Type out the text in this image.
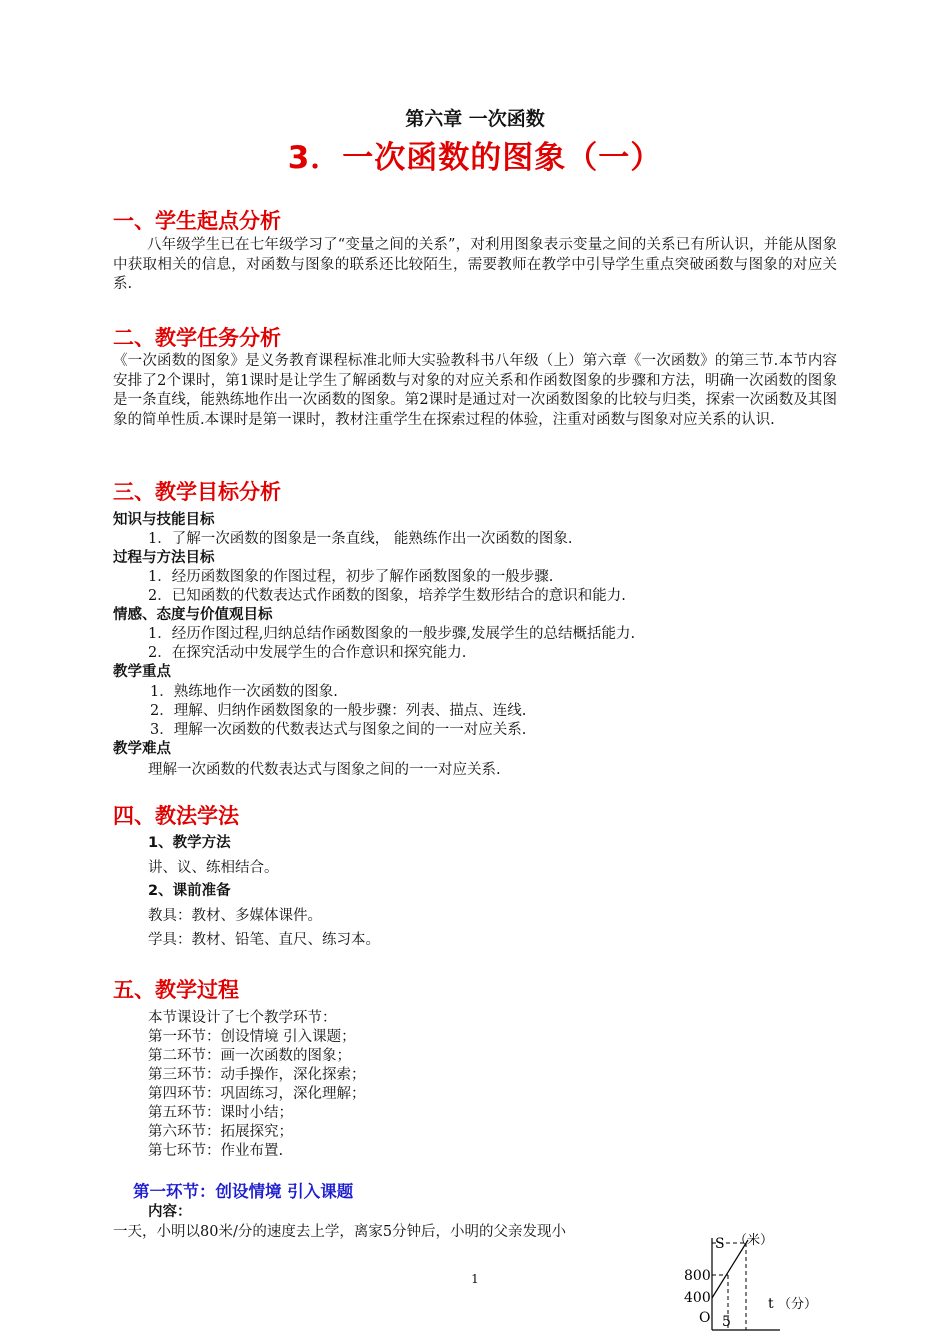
第六章 一次函数
3．一次函数的图象（一）
一、学生起点分析
八年级学生已在七年级学习了“变量之间的关系”，对利用图象表示变量之间的关系已有所认识，并能从图象中获取相关的信息，对函数与图象的联系还比较陌生，需要教师在教学中引导学生重点突破函数与图象的对应关系.
二、教学任务分析
《一次函数的图象》是义务教育课程标准北师大实验教科书八年级（上）第六章《一次函数》的第三节.本节内容安排了2个课时，第1课时是让学生了解函数与对象的对应关系和作函数图象的步骤和方法，明确一次函数的图象是一条直线，能熟练地作出一次函数的图象。第2课时是通过对一次函数图象的比较与归类，探索一次函数及其图象的简单性质.本课时是第一课时，教材注重学生在探索过程的体验，注重对函数与图象对应关系的认识.
三、教学目标分析
知识与技能目标
1．了解一次函数的图象是一条直线， 能熟练作出一次函数的图象.
过程与方法目标
1．经历函数图象的作图过程，初步了解作函数图象的一般步骤.
2．已知函数的代数表达式作函数的图象，培养学生数形结合的意识和能力.
情感、态度与价值观目标
1．经历作图过程,归纳总结作函数图象的一般步骤,发展学生的总结概括能力.
2．在探究活动中发展学生的合作意识和探究能力.
教学重点
1．熟练地作一次函数的图象.
2．理解、归纳作函数图象的一般步骤：列表、描点、连线.
3．理解一次函数的代数表达式与图象之间的一一对应关系.
教学难点
理解一次函数的代数表达式与图象之间的一一对应关系.
四、教法学法
1、教学方法
讲、议、练相结合。
2、课前准备
教具：教材、多媒体课件。
学具：教材、铅笔、直尺、练习本。
五、教学过程
本节课设计了七个教学环节：
第一环节：创设情境 引入课题；
第二环节：画一次函数的图象；
第三环节：动手操作，深化探索；
第四环节：巩固练习，深化理解；
第五环节：课时小结；
第六环节：拓展探究；
第七环节：作业布置.
第一环节：创设情境 引入课题
内容：
一天，小明以80米/分的速度去上学，离家5分钟后，小明的父亲发现小
S （米）
800
400
O 5
t （分）
1
